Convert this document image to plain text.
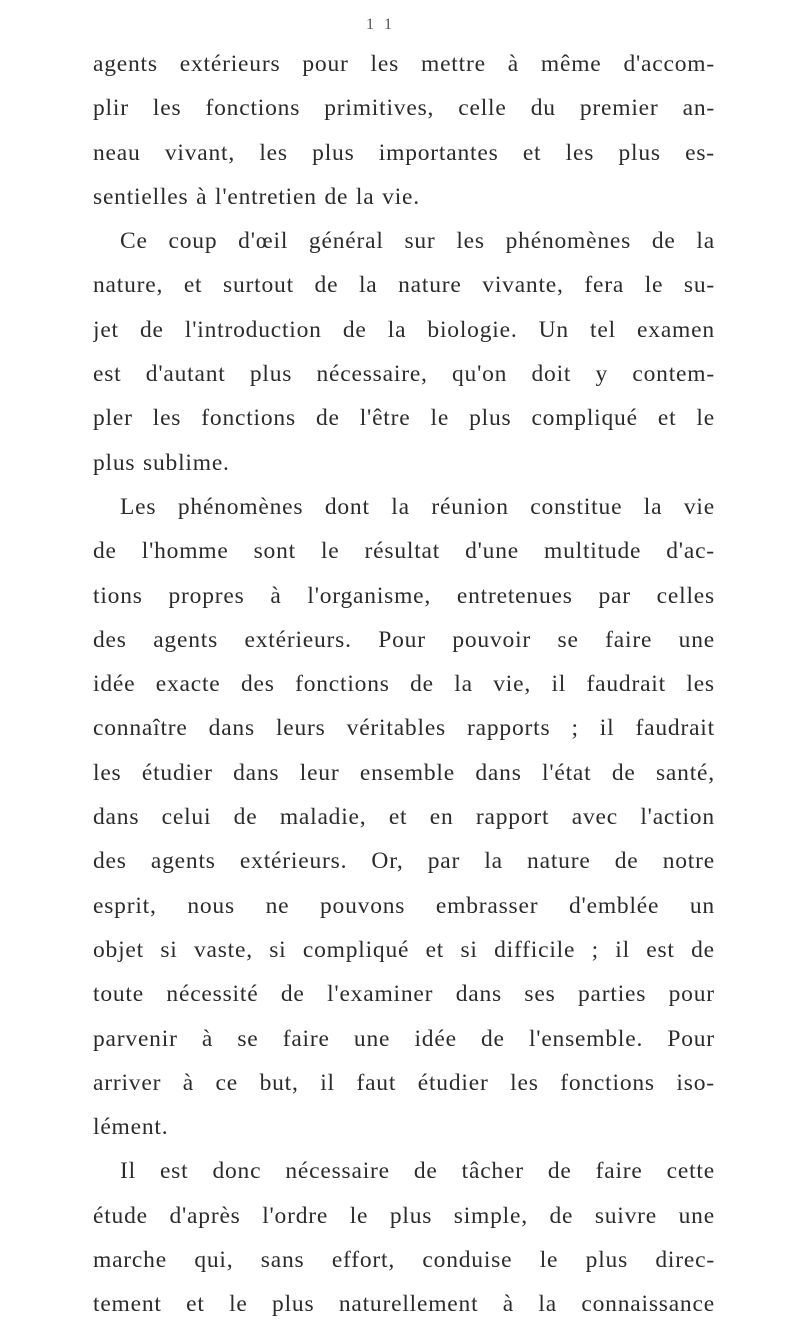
1 1
agents extérieurs pour les mettre à même d'accom-
plir les fonctions primitives, celle du premier an-
neau vivant, les plus importantes et les plus es-
sentielles à l'entretien de la vie.
Ce coup d'œil général sur les phénomènes de la
nature, et surtout de la nature vivante, fera le su-
jet de l'introduction de la biologie. Un tel examen
est d'autant plus nécessaire, qu'on doit y contem-
pler les fonctions de l'être le plus compliqué et le
plus sublime.
Les phénomènes dont la réunion constitue la vie
de l'homme sont le résultat d'une multitude d'ac-
tions propres à l'organisme, entretenues par celles
des agents extérieurs. Pour pouvoir se faire une
idée exacte des fonctions de la vie, il faudrait les
connaître dans leurs véritables rapports ; il faudrait
les étudier dans leur ensemble dans l'état de santé,
dans celui de maladie, et en rapport avec l'action
des agents extérieurs. Or, par la nature de notre
esprit, nous ne pouvons embrasser d'emblée un
objet si vaste, si compliqué et si difficile ; il est de
toute nécessité de l'examiner dans ses parties pour
parvenir à se faire une idée de l'ensemble. Pour
arriver à ce but, il faut étudier les fonctions iso-
lément.
Il est donc nécessaire de tâcher de faire cette
étude d'après l'ordre le plus simple, de suivre une
marche qui, sans effort, conduise le plus direc-
tement et le plus naturellement à la connaissance
